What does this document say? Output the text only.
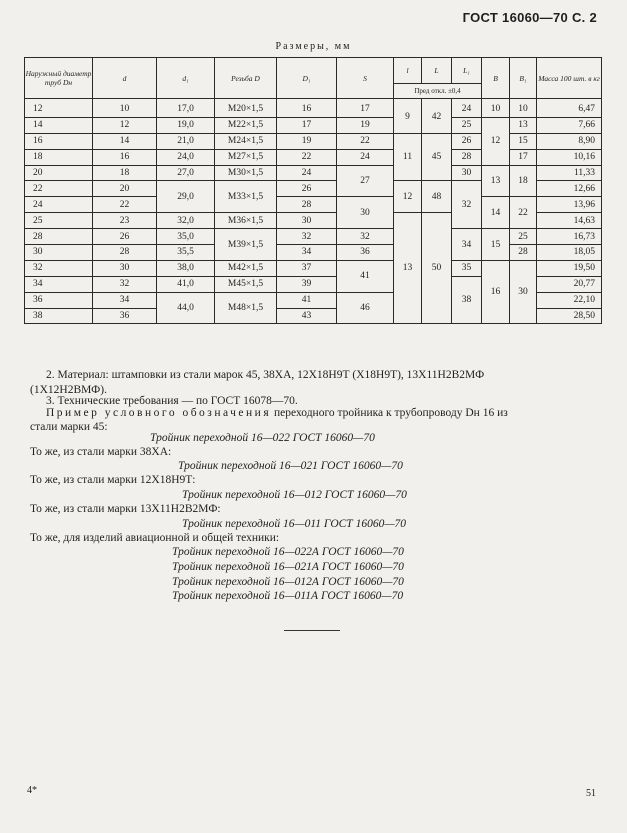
ГОСТ 16060—70 С. 2
Размеры, мм
Наружный диаметр труб Dн	d	d₁	Резьба D	D₁	S	l	L	L₁	B	B₁	Масса 100 шт. в кг
						Пред откл. ±0,4					
12	10	17,0	M20×1,5	16	17	9	42	24	10	10	6,47
14	12	19,0	M22×1,5	17	19			25	12	13	7,66
16	14	21,0	M24×1,5	19	22	11	45	26		15	8,90
18	16	24,0	M27×1,5	22	24			28		17	10,16
20	18	27,0	M30×1,5	24	27			30	13	18	11,33
22	20	29,0	M33×1,5	26		12	48	32			12,66
24	22			28	30				14	22	13,96
25	23	32,0	M36×1,5	30		13	50				14,63
28	26	35,0	M39×1,5	32	32			34	15	25	16,73
30	28	35,5		34	36					28	18,05
32	30	38,0	M42×1,5	37	41			35	16	30	19,50
34	32	41,0	M45×1,5	39				38			20,77
36	34	44,0	M48×1,5	41	46						22,10
38	36			43							28,50
2. Материал: штамповки из стали марок 45, 38ХА, 12Х18Н9Т (Х18Н9Т), 13Х11Н2В2МФ
(1Х12Н2ВМФ).
3. Технические требования — по ГОСТ 16078—70.
Пример условного обозначения переходного тройника к трубопроводу Dн 16 из
стали марки 45:
Тройник переходной 16—022 ГОСТ 16060—70
То же, из стали марки 38ХА:
Тройник переходной 16—021 ГОСТ 16060—70
То же, из стали марки 12Х18Н9Т:
Тройник переходной 16—012 ГОСТ 16060—70
То же, из стали марки 13Х11Н2В2МФ:
Тройник переходной 16—011 ГОСТ 16060—70
То же, для изделий авиационной и общей техники:
Тройник переходной 16—022А ГОСТ 16060—70
Тройник переходной 16—021А ГОСТ 16060—70
Тройник переходной 16—012А ГОСТ 16060—70
Тройник переходной 16—011А ГОСТ 16060—70
4*	51
